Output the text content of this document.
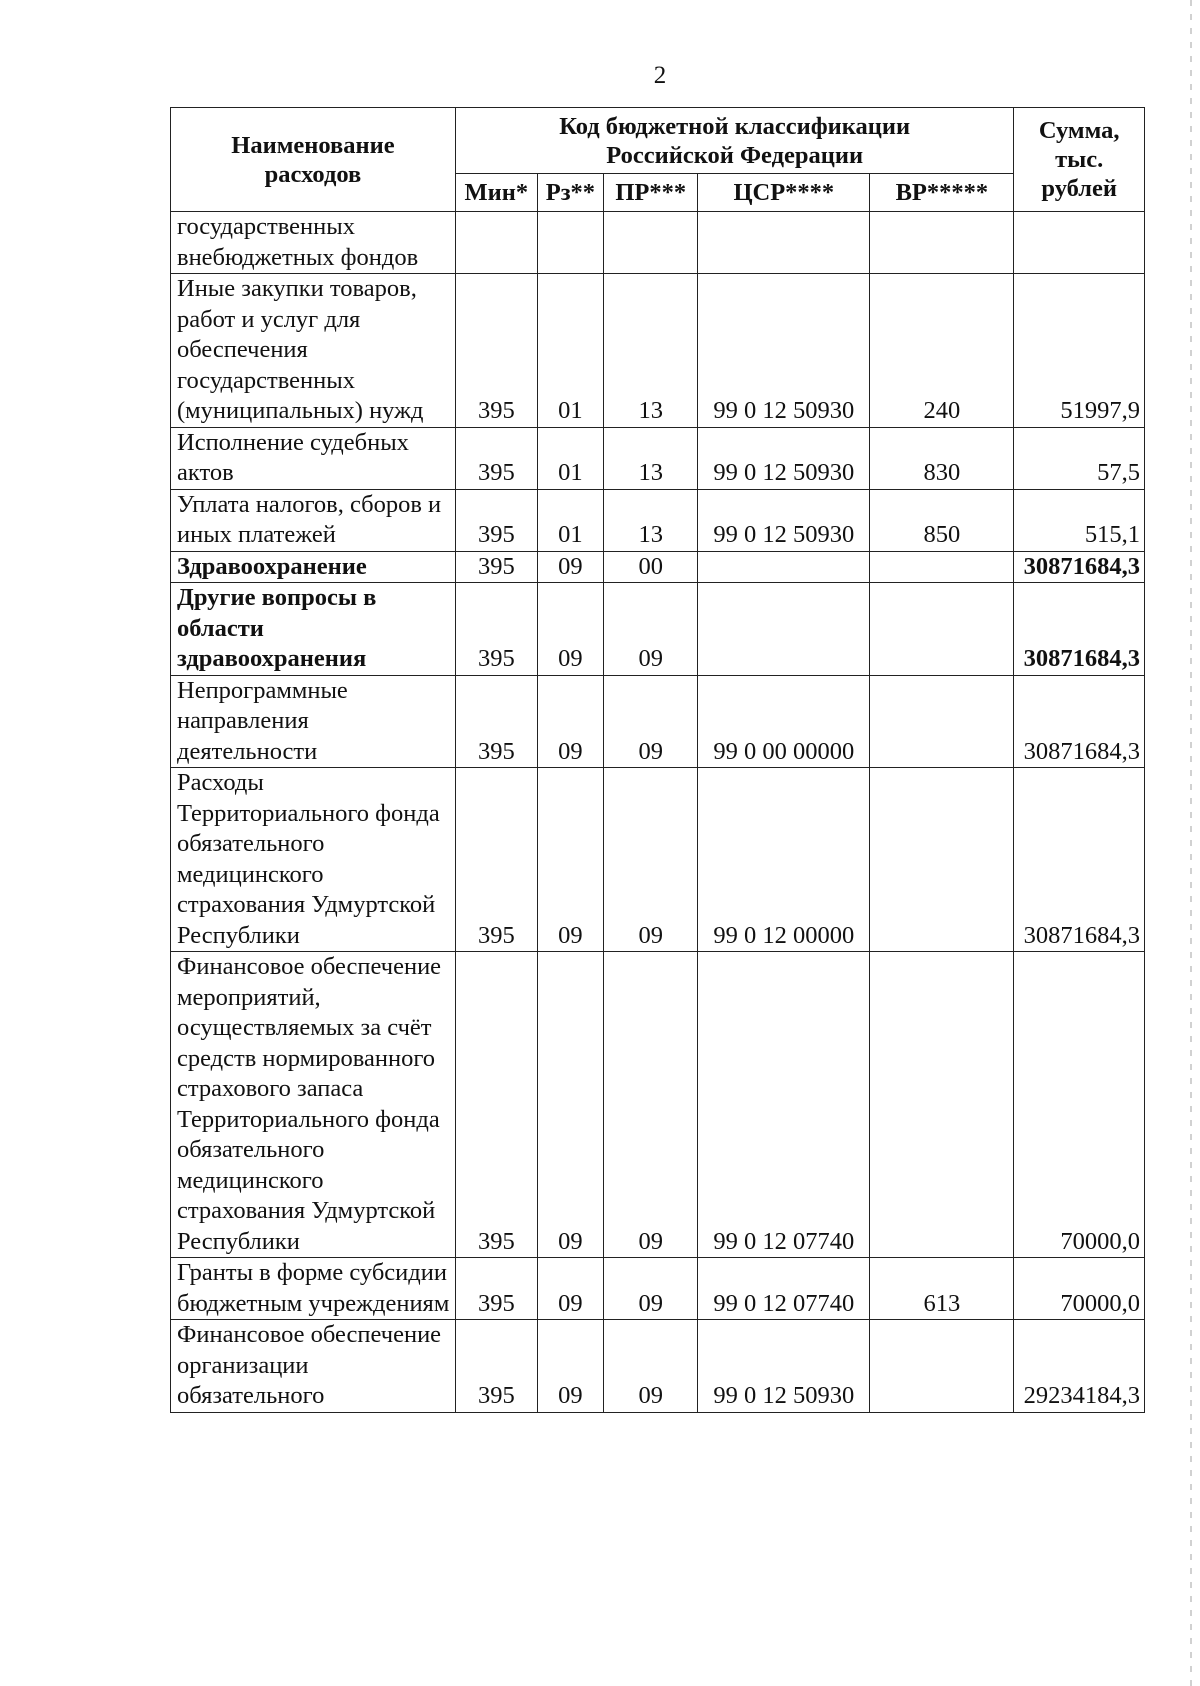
2
Наименование расходов	Код бюджетной классификации Российской Федерации					Сумма, тыс. рублей
	Мин*	Рз**	ПР***	ЦСР****	ВР*****	
государственных внебюджетных фондов						
Иные закупки товаров, работ и услуг для обеспечения государственных (муниципальных) нужд	395	01	13	99 0 12 50930	240	51997,9
Исполнение судебных актов	395	01	13	99 0 12 50930	830	57,5
Уплата налогов, сборов и иных платежей	395	01	13	99 0 12 50930	850	515,1
Здравоохранение	395	09	00			30871684,3
Другие вопросы в области здравоохранения	395	09	09			30871684,3
Непрограммные направления деятельности	395	09	09	99 0 00 00000		30871684,3
Расходы Территориального фонда обязательного медицинского страхования Удмуртской Республики	395	09	09	99 0 12 00000		30871684,3
Финансовое обеспечение мероприятий, осуществляемых за счёт средств нормированного страхового запаса Территориального фонда обязательного медицинского страхования Удмуртской Республики	395	09	09	99 0 12 07740		70000,0
Гранты в форме субсидии бюджетным учреждениям	395	09	09	99 0 12 07740	613	70000,0
Финансовое обеспечение организации обязательного	395	09	09	99 0 12 50930		29234184,3
